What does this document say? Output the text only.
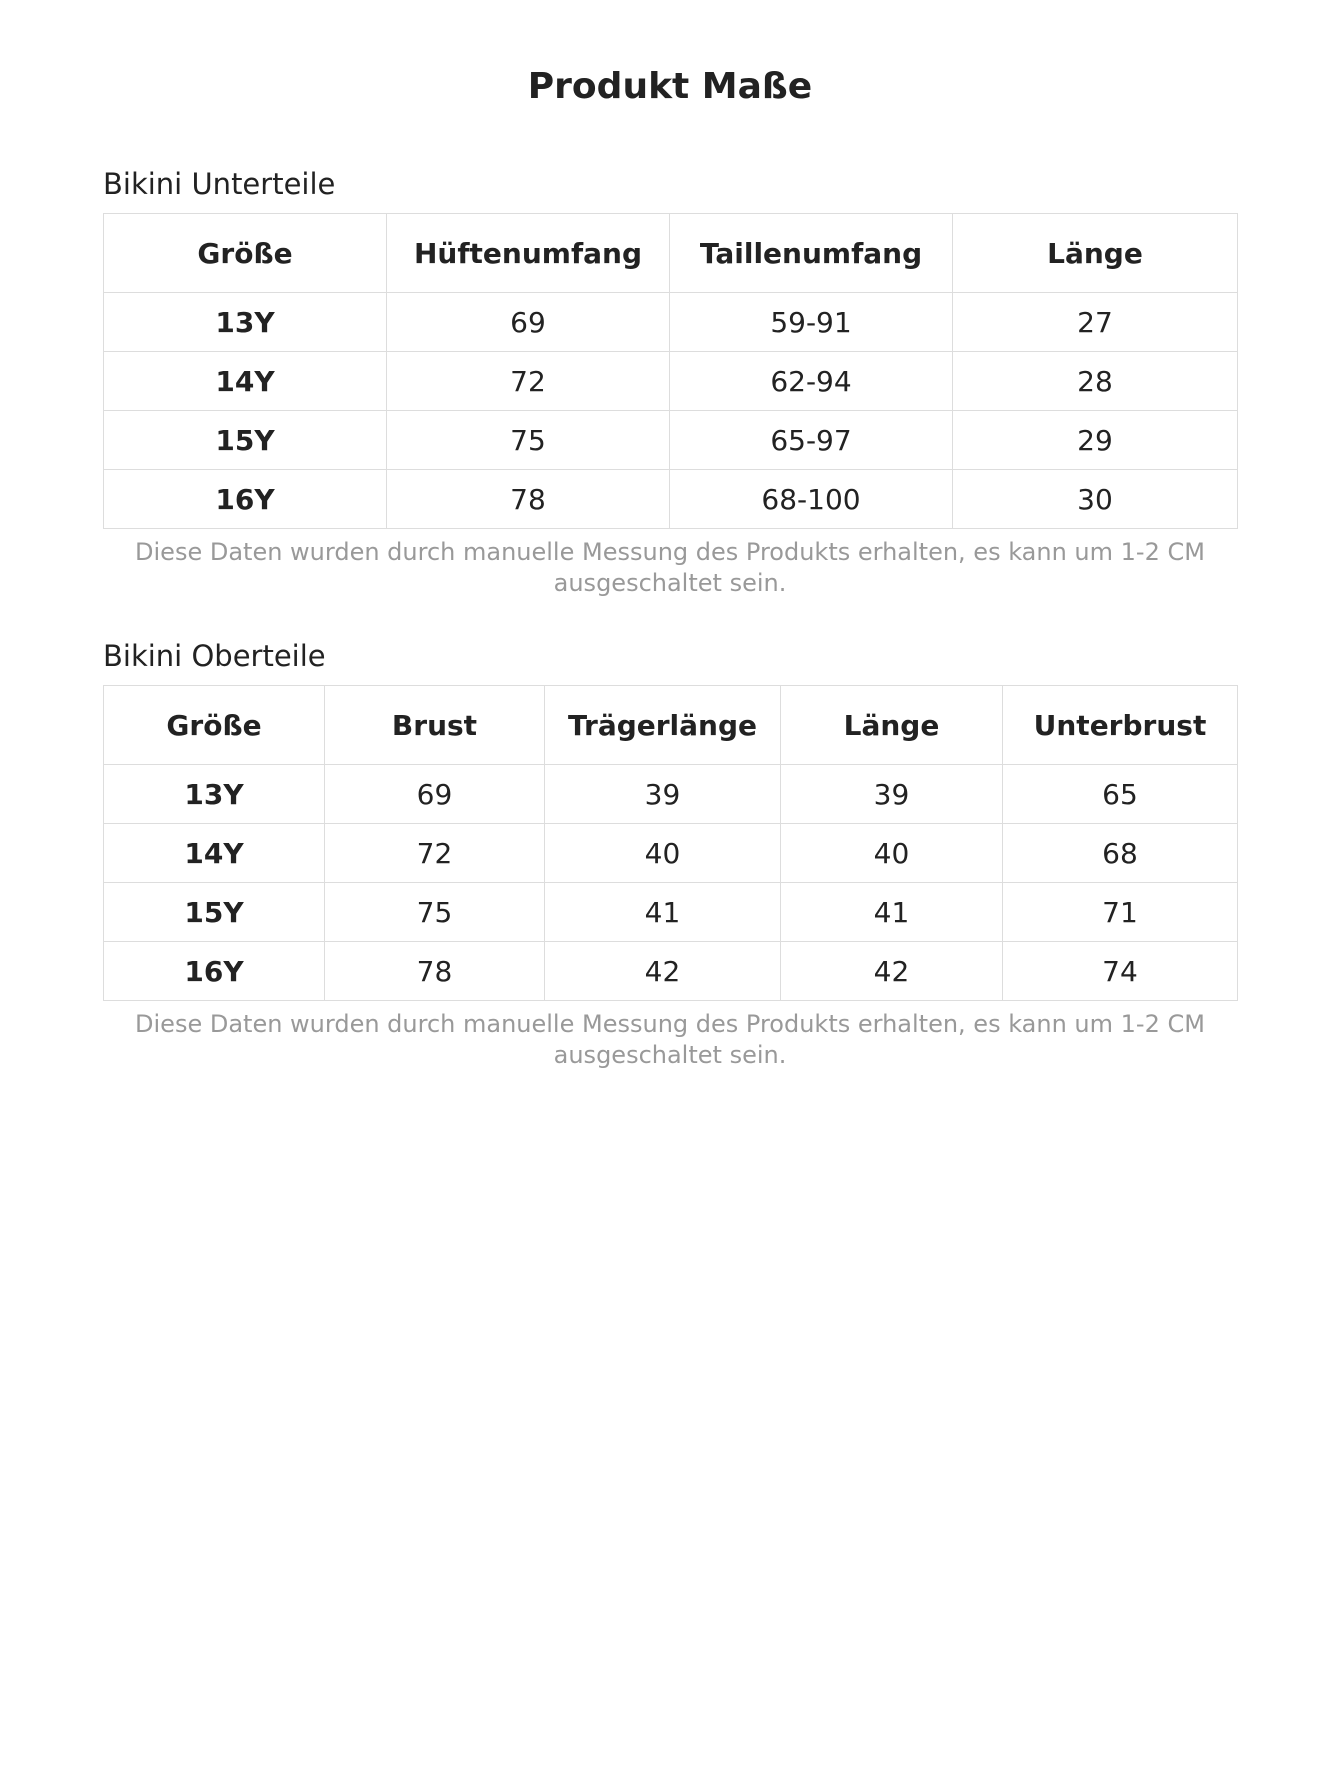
Produkt Maße
Bikini Unterteile
Größe	Hüftenumfang	Taillenumfang	Länge
13Y	69	59-91	27
14Y	72	62-94	28
15Y	75	65-97	29
16Y	78	68-100	30
Diese Daten wurden durch manuelle Messung des Produkts erhalten, es kann um 1-2 CM ausgeschaltet sein.
Bikini Oberteile
Größe	Brust	Trägerlänge	Länge	Unterbrust
13Y	69	39	39	65
14Y	72	40	40	68
15Y	75	41	41	71
16Y	78	42	42	74
Diese Daten wurden durch manuelle Messung des Produkts erhalten, es kann um 1-2 CM ausgeschaltet sein.
